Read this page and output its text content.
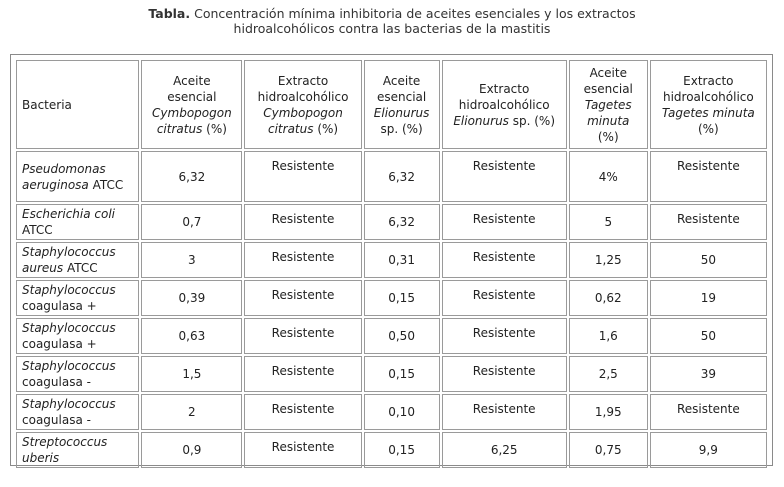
Tabla. Concentración mínima inhibitoria de aceites esenciales y los extractos
hidroalcohólicos contra las bacterias de la mastitis
Bacteria	Aceite esencial Cymbopogon citratus (%)	Extracto hidroalcohólico Cymbopogon citratus (%)	Aceite esencial Elionurus sp. (%)	Extracto hidroalcohólico Elionurus sp. (%)	Aceite esencial Tagetes minuta (%)	Extracto hidroalcohólico Tagetes minuta (%)
Pseudomonas aeruginosa ATCC	6,32	Resistente	6,32	Resistente	4%	Resistente
Escherichia coli ATCC	0,7	Resistente	6,32	Resistente	5	Resistente
Staphylococcus aureus ATCC	3	Resistente	0,31	Resistente	1,25	50
Staphylococcus coagulasa +	0,39	Resistente	0,15	Resistente	0,62	19
Staphylococcus coagulasa +	0,63	Resistente	0,50	Resistente	1,6	50
Staphylococcus coagulasa -	1,5	Resistente	0,15	Resistente	2,5	39
Staphylococcus coagulasa -	2	Resistente	0,10	Resistente	1,95	Resistente
Streptococcus uberis	0,9	Resistente	0,15	6,25	0,75	9,9
